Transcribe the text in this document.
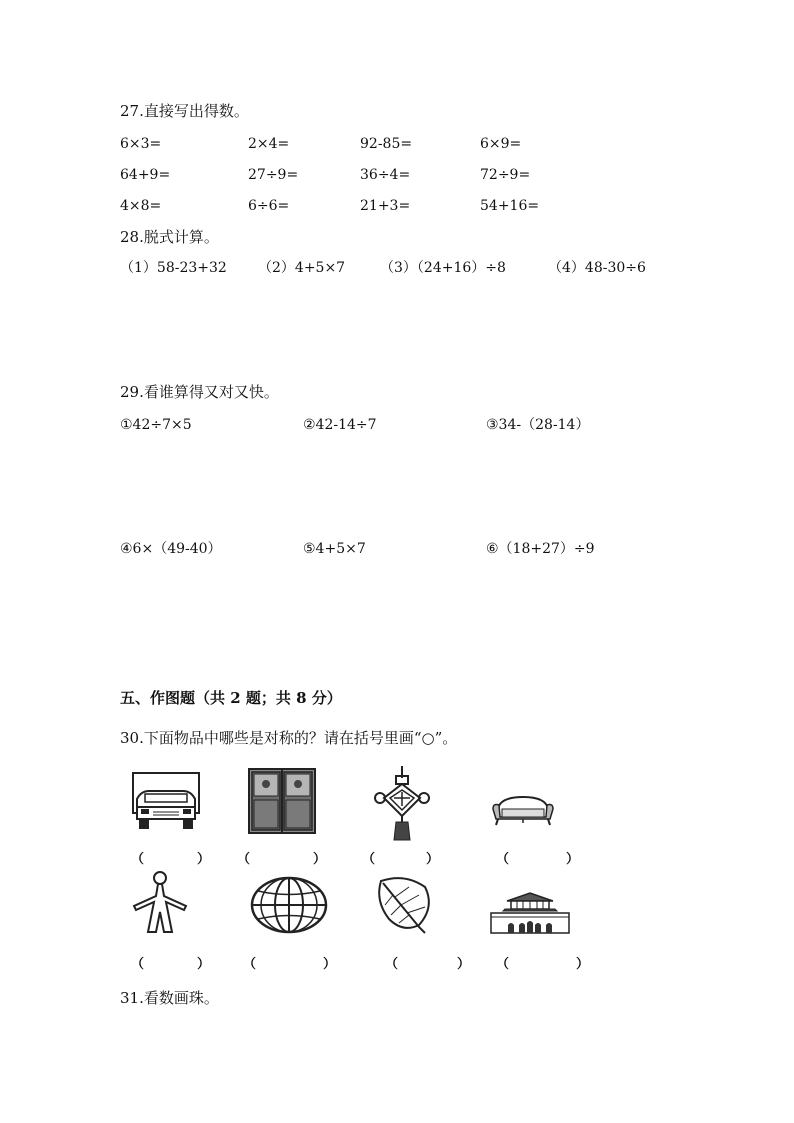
27.直接写出得数。
6×3=	2×4=	92-85=	6×9=
64+9=	27÷9=	36÷4=	72÷9=
4×8=	6÷6=	21+3=	54+16=
28.脱式计算。
（1）58-23+32 （2）4+5×7 （3）（24+16）÷8	（4）48-30÷6
29.看谁算得又对又快。
①42÷7×5	②42-14÷7	③34-（28-14）
④6×（49-40）	⑤4+5×7	⑥（18+27）÷9
五、作图题（共 2 题；共 8 分）
30.下面物品中哪些是对称的？请在括号里画“○”。
（	） （	）	（	）	（	）
（	）	（	）	（	） （	）
31.看数画珠。
